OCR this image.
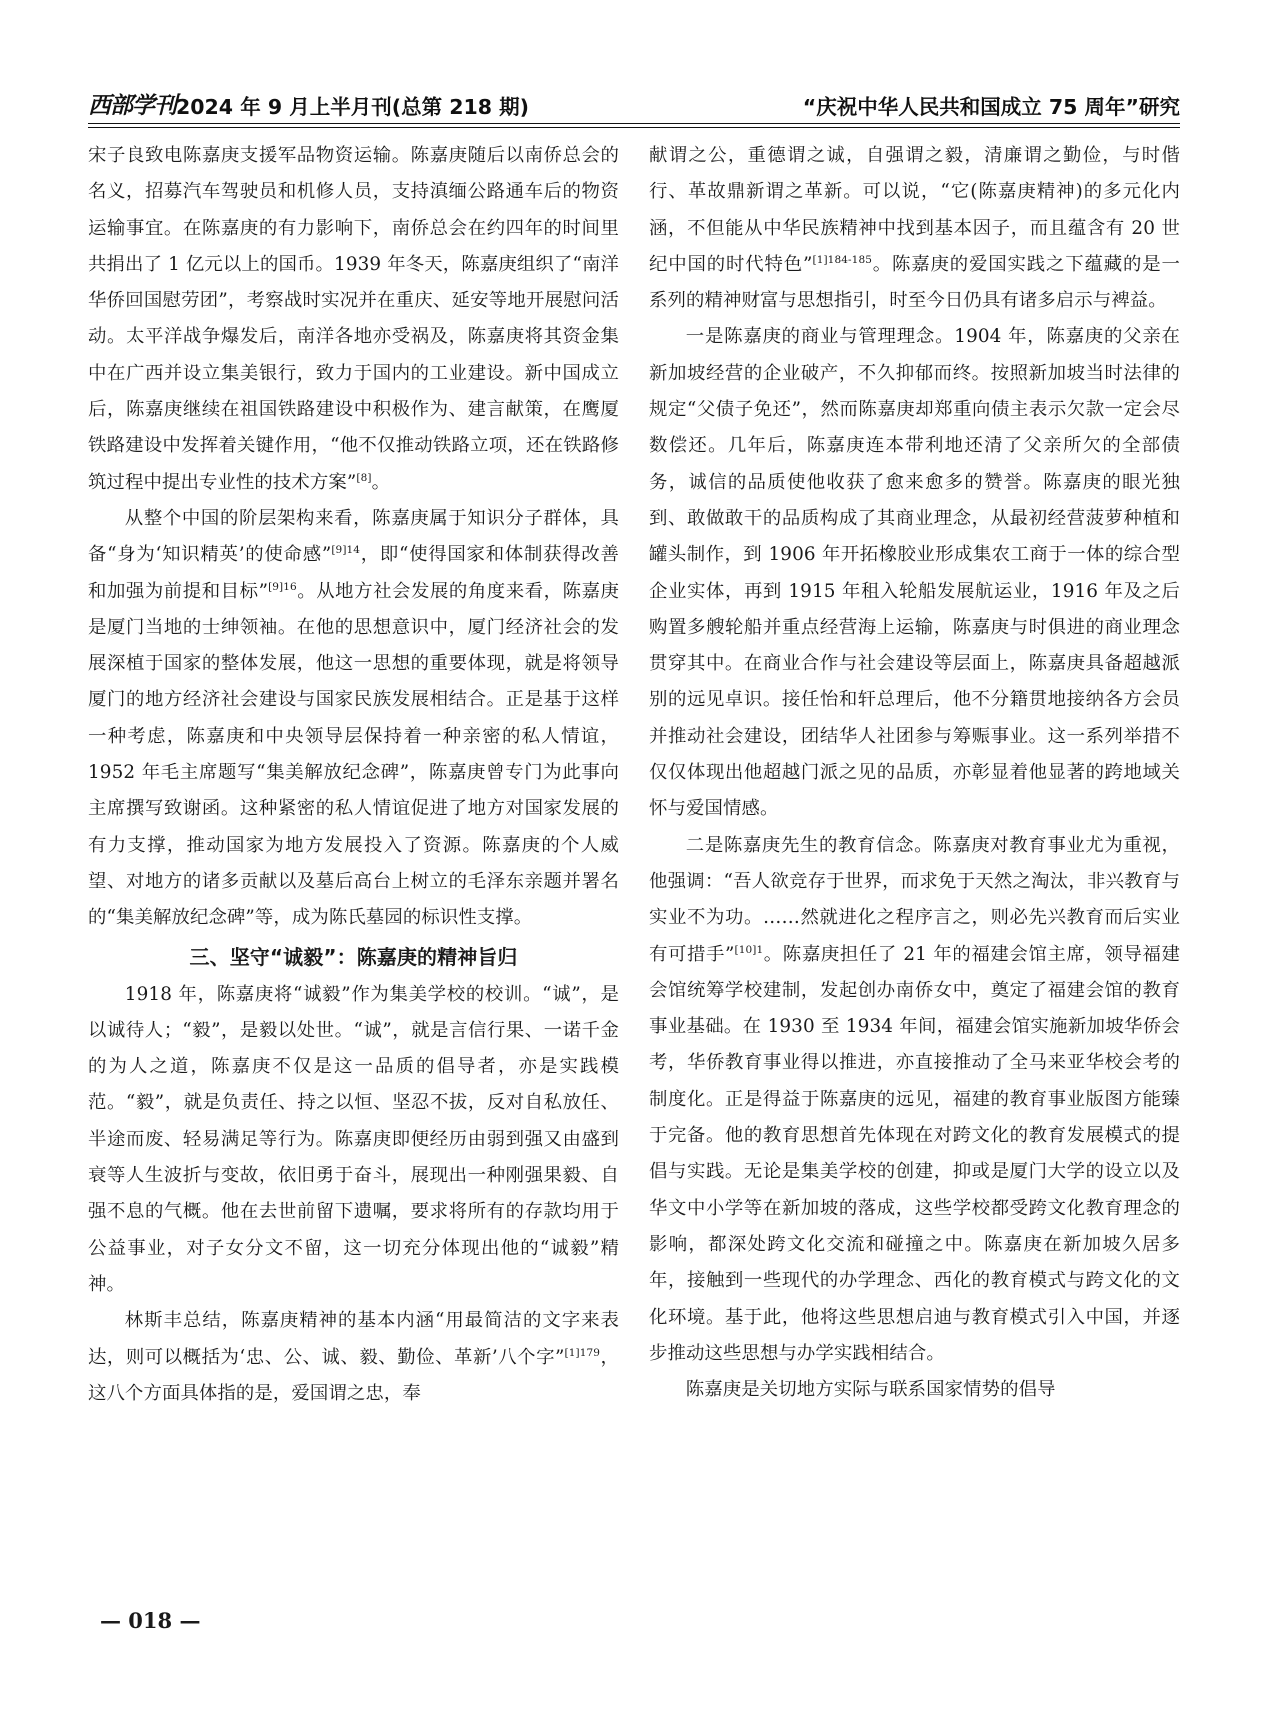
西部学刊 2024 年 9 月上半月刊(总第 218 期)	“庆祝中华人民共和国成立 75 周年”研究

宋子良致电陈嘉庚支援军品物资运输。陈嘉庚随后以南侨总会的名义，招募汽车驾驶员和机修人员，支持滇缅公路通车后的物资运输事宜。在陈嘉庚的有力影响下，南侨总会在约四年的时间里共捐出了 1 亿元以上的国币。1939 年冬天，陈嘉庚组织了“南洋华侨回国慰劳团”，考察战时实况并在重庆、延安等地开展慰问活动。太平洋战争爆发后，南洋各地亦受祸及，陈嘉庚将其资金集中在广西并设立集美银行，致力于国内的工业建设。新中国成立后，陈嘉庚继续在祖国铁路建设中积极作为、建言献策，在鹰厦铁路建设中发挥着关键作用，“他不仅推动铁路立项，还在铁路修筑过程中提出专业性的技术方案”[8]。

从整个中国的阶层架构来看，陈嘉庚属于知识分子群体，具备“身为‘知识精英’的使命感”$^{[9]14}$，即“使得国家和体制获得改善和加强为前提和目标”$^{[9]16}$。从地方社会发展的角度来看，陈嘉庚是厦门当地的士绅领袖。在他的思想意识中，厦门经济社会的发展深植于国家的整体发展，他这一思想的重要体现，就是将领导厦门的地方经济社会建设与国家民族发展相结合。正是基于这样一种考虑，陈嘉庚和中央领导层保持着一种亲密的私人情谊，1952 年毛主席题写“集美解放纪念碑”，陈嘉庚曾专门为此事向主席撰写致谢函。这种紧密的私人情谊促进了地方对国家发展的有力支撑，推动国家为地方发展投入了资源。陈嘉庚的个人威望、对地方的诸多贡献以及墓后高台上树立的毛泽东亲题并署名的“集美解放纪念碑”等，成为陈氏墓园的标识性支撑。

三、坚守“诚毅”：陈嘉庚的精神旨归

1918 年，陈嘉庚将“诚毅”作为集美学校的校训。“诚”，是以诚待人；“毅”，是毅以处世。“诚”，就是言信行果、一诺千金的为人之道，陈嘉庚不仅是这一品质的倡导者，亦是实践模范。“毅”，就是负责任、持之以恒、坚忍不拔，反对自私放任、半途而废、轻易满足等行为。陈嘉庚即便经历由弱到强又由盛到衰等人生波折与变故，依旧勇于奋斗，展现出一种刚强果毅、自强不息的气概。他在去世前留下遗嘱，要求将所有的存款均用于公益事业，对子女分文不留，这一切充分体现出他的“诚毅”精神。

林斯丰总结，陈嘉庚精神的基本内涵“用最简洁的文字来表达，则可以概括为‘忠、公、诚、毅、勤俭、革新’八个字”$^{[1]179}$，这八个方面具体指的是，爱国谓之忠，奉

献谓之公，重德谓之诚，自强谓之毅，清廉谓之勤俭，与时偕行、革故鼎新谓之革新。可以说，“它(陈嘉庚精神)的多元化内涵，不但能从中华民族精神中找到基本因子，而且蕴含有 20 世纪中国的时代特色”$^{[1]184-185}$。陈嘉庚的爱国实践之下蕴藏的是一系列的精神财富与思想指引，时至今日仍具有诸多启示与裨益。

一是陈嘉庚的商业与管理理念。1904 年，陈嘉庚的父亲在新加坡经营的企业破产，不久抑郁而终。按照新加坡当时法律的规定“父债子免还”，然而陈嘉庚却郑重向债主表示欠款一定会尽数偿还。几年后，陈嘉庚连本带利地还清了父亲所欠的全部债务，诚信的品质使他收获了愈来愈多的赞誉。陈嘉庚的眼光独到、敢做敢干的品质构成了其商业理念，从最初经营菠萝种植和罐头制作，到 1906 年开拓橡胶业形成集农工商于一体的综合型企业实体，再到 1915 年租入轮船发展航运业，1916 年及之后购置多艘轮船并重点经营海上运输，陈嘉庚与时俱进的商业理念贯穿其中。在商业合作与社会建设等层面上，陈嘉庚具备超越派别的远见卓识。接任怡和轩总理后，他不分籍贯地接纳各方会员并推动社会建设，团结华人社团参与筹赈事业。这一系列举措不仅仅体现出他超越门派之见的品质，亦彰显着他显著的跨地域关怀与爱国情感。

二是陈嘉庚先生的教育信念。陈嘉庚对教育事业尤为重视，他强调：“吾人欲竞存于世界，而求免于天然之淘汰，非兴教育与实业不为功。……然就进化之程序言之，则必先兴教育而后实业有可措手”$^{[10]1}$。陈嘉庚担任了 21 年的福建会馆主席，领导福建会馆统筹学校建制，发起创办南侨女中，奠定了福建会馆的教育事业基础。在 1930 至 1934 年间，福建会馆实施新加坡华侨会考，华侨教育事业得以推进，亦直接推动了全马来亚华校会考的制度化。正是得益于陈嘉庚的远见，福建的教育事业版图方能臻于完备。他的教育思想首先体现在对跨文化的教育发展模式的提倡与实践。无论是集美学校的创建，抑或是厦门大学的设立以及华文中小学等在新加坡的落成，这些学校都受跨文化教育理念的影响，都深处跨文化交流和碰撞之中。陈嘉庚在新加坡久居多年，接触到一些现代的办学理念、西化的教育模式与跨文化的文化环境。基于此，他将这些思想启迪与教育模式引入中国，并逐步推动这些思想与办学实践相结合。

陈嘉庚是关切地方实际与联系国家情势的倡导

— 018 —
